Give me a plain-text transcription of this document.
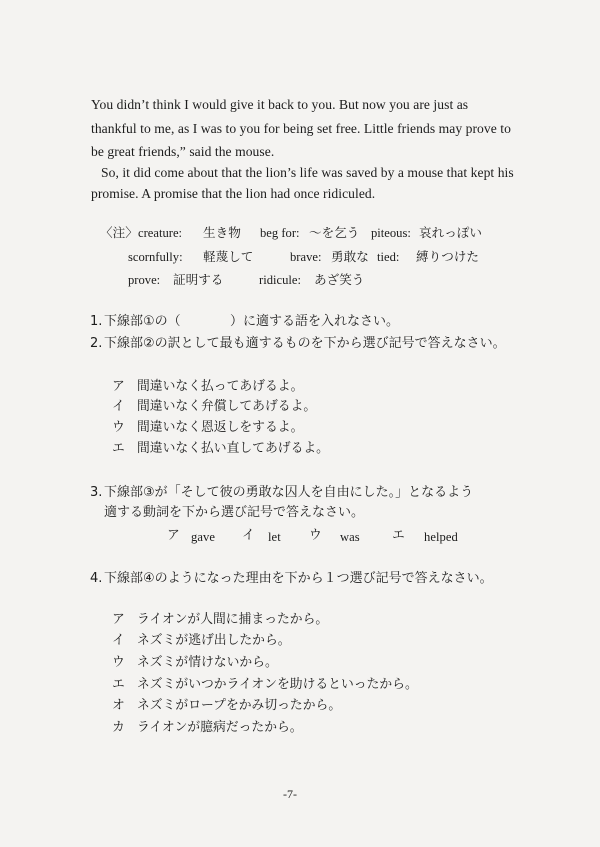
You didn’t think I would give it back to you. But now you are just as
thankful to me, as I was to you for being set free. Little friends may prove to
be great friends,” said the mouse.
So, it did come about that the lion’s life was saved by a mouse that kept his
promise. A promise that the lion had once ridiculed.
〈注〉 creature: 生き物 beg for: 〜を乞う piteous: 哀れっぽい
scornfully: 軽蔑して	brave: 勇敢な tied: 縛りつけた
prove: 証明する	ridicule: あざ笑う
1. 下線部①の（	）に適する語を入れなさい。
2. 下線部②の訳として最も適するものを下から選び記号で答えなさい。
ア 間違いなく払ってあげるよ。
イ 間違いなく弁償してあげるよ。
ウ 間違いなく恩返しをするよ。
エ 間違いなく払い直してあげるよ。
3. 下線部③が「そして彼の勇敢な囚人を自由にした。」となるよう
適する動詞を下から選び記号で答えなさい。
ア gave イ let ウ was	エ helped
4. 下線部④のようになった理由を下から１つ選び記号で答えなさい。
ア ライオンが人間に捕まったから。
イ ネズミが逃げ出したから。
ウ ネズミが情けないから。
エ ネズミがいつかライオンを助けるといったから。
オ ネズミがロープをかみ切ったから。
カ ライオンが臆病だったから。
-7-
